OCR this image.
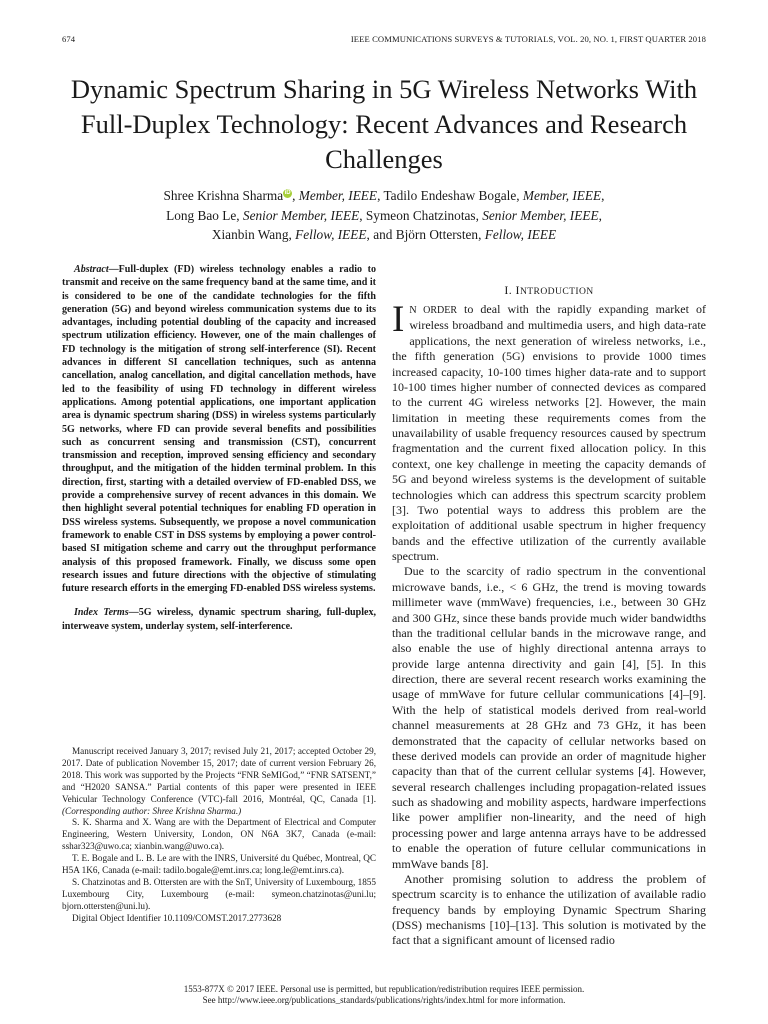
674	IEEE COMMUNICATIONS SURVEYS & TUTORIALS, VOL. 20, NO. 1, FIRST QUARTER 2018
Dynamic Spectrum Sharing in 5G Wireless Networks With Full-Duplex Technology: Recent Advances and Research Challenges
Shree Krishna Sharma iD , Member, IEEE, Tadilo Endeshaw Bogale, Member, IEEE,
Long Bao Le, Senior Member, IEEE, Symeon Chatzinotas, Senior Member, IEEE,
Xianbin Wang, Fellow, IEEE, and Björn Ottersten, Fellow, IEEE

Abstract—Full-duplex (FD) wireless technology enables a radio to transmit and receive on the same frequency band at the same time, and it is considered to be one of the candidate technologies for the fifth generation (5G) and beyond wireless communication systems due to its advantages, including potential doubling of the capacity and increased spectrum utilization efficiency. However, one of the main challenges of FD technology is the mitigation of strong self-interference (SI). Recent advances in different SI cancellation techniques, such as antenna cancellation, analog cancellation, and digital cancellation methods, have led to the feasibility of using FD technology in different wireless applications. Among potential applications, one important application area is dynamic spectrum sharing (DSS) in wireless systems particularly 5G networks, where FD can provide several benefits and possibilities such as concurrent sensing and transmission (CST), concurrent transmission and reception, improved sensing efficiency and secondary throughput, and the mitigation of the hidden terminal problem. In this direction, first, starting with a detailed overview of FD-enabled DSS, we provide a comprehensive survey of recent advances in this domain. We then highlight several potential techniques for enabling FD operation in DSS wireless systems. Subsequently, we propose a novel communication framework to enable CST in DSS systems by employing a power control-based SI mitigation scheme and carry out the throughput performance analysis of this proposed framework. Finally, we discuss some open research issues and future directions with the objective of stimulating future research efforts in the emerging FD-enabled DSS wireless systems.

Index Terms—5G wireless, dynamic spectrum sharing, full-duplex, interweave system, underlay system, self-interference.

Manuscript received January 3, 2017; revised July 21, 2017; accepted October 29, 2017. Date of publication November 15, 2017; date of current version February 26, 2018. This work was supported by the Projects “FNR SeMIGod,” “FNR SATSENT,” and “H2020 SANSA.” Partial contents of this paper were presented in IEEE Vehicular Technology Conference (VTC)-fall 2016, Montréal, QC, Canada [1]. (Corresponding author: Shree Krishna Sharma.)

S. K. Sharma and X. Wang are with the Department of Electrical and Computer Engineering, Western University, London, ON N6A 3K7, Canada (e-mail: sshar323@uwo.ca; xianbin.wang@uwo.ca).

T. E. Bogale and L. B. Le are with the INRS, Université du Québec, Montreal, QC H5A 1K6, Canada (e-mail: tadilo.bogale@emt.inrs.ca; long.le@emt.inrs.ca).

S. Chatzinotas and B. Ottersten are with the SnT, University of Luxembourg, 1855 Luxembourg City, Luxembourg (e-mail: symeon.chatzinotas@uni.lu; bjorn.ottersten@uni.lu).

Digital Object Identifier 10.1109/COMST.2017.2773628

I. INTRODUCTION

I N ORDER to deal with the rapidly expanding market of wireless broadband and multimedia users, and high data-rate applications, the next generation of wireless networks, i.e., the fifth generation (5G) envisions to provide 1000 times increased capacity, 10-100 times higher data-rate and to support 10-100 times higher number of connected devices as compared to the current 4G wireless networks [2]. However, the main limitation in meeting these requirements comes from the unavailability of usable frequency resources caused by spectrum fragmentation and the current fixed allocation policy. In this context, one key challenge in meeting the capacity demands of 5G and beyond wireless systems is the development of suitable technologies which can address this spectrum scarcity problem [3]. Two potential ways to address this problem are the exploitation of additional usable spectrum in higher frequency bands and the effective utilization of the currently available spectrum.

Due to the scarcity of radio spectrum in the conventional microwave bands, i.e., < 6 GHz, the trend is moving towards millimeter wave (mmWave) frequencies, i.e., between 30 GHz and 300 GHz, since these bands provide much wider bandwidths than the traditional cellular bands in the microwave range, and also enable the use of highly directional antenna arrays to provide large antenna directivity and gain [4], [5]. In this direction, there are several recent research works examining the usage of mmWave for future cellular communications [4]–[9]. With the help of statistical models derived from real-world channel measurements at 28 GHz and 73 GHz, it has been demonstrated that the capacity of cellular networks based on these derived models can provide an order of magnitude higher capacity than that of the current cellular systems [4]. However, several research challenges including propagation-related issues such as shadowing and mobility aspects, hardware imperfections like power amplifier non-linearity, and the need of high processing power and large antenna arrays have to be addressed to enable the operation of future cellular communications in mmWave bands [8].

Another promising solution to address the problem of spectrum scarcity is to enhance the utilization of available radio frequency bands by employing Dynamic Spectrum Sharing (DSS) mechanisms [10]–[13]. This solution is motivated by the fact that a significant amount of licensed radio

1553-877X © 2017 IEEE. Personal use is permitted, but republication/redistribution requires IEEE permission.
See http://www.ieee.org/publications_standards/publications/rights/index.html for more information.
